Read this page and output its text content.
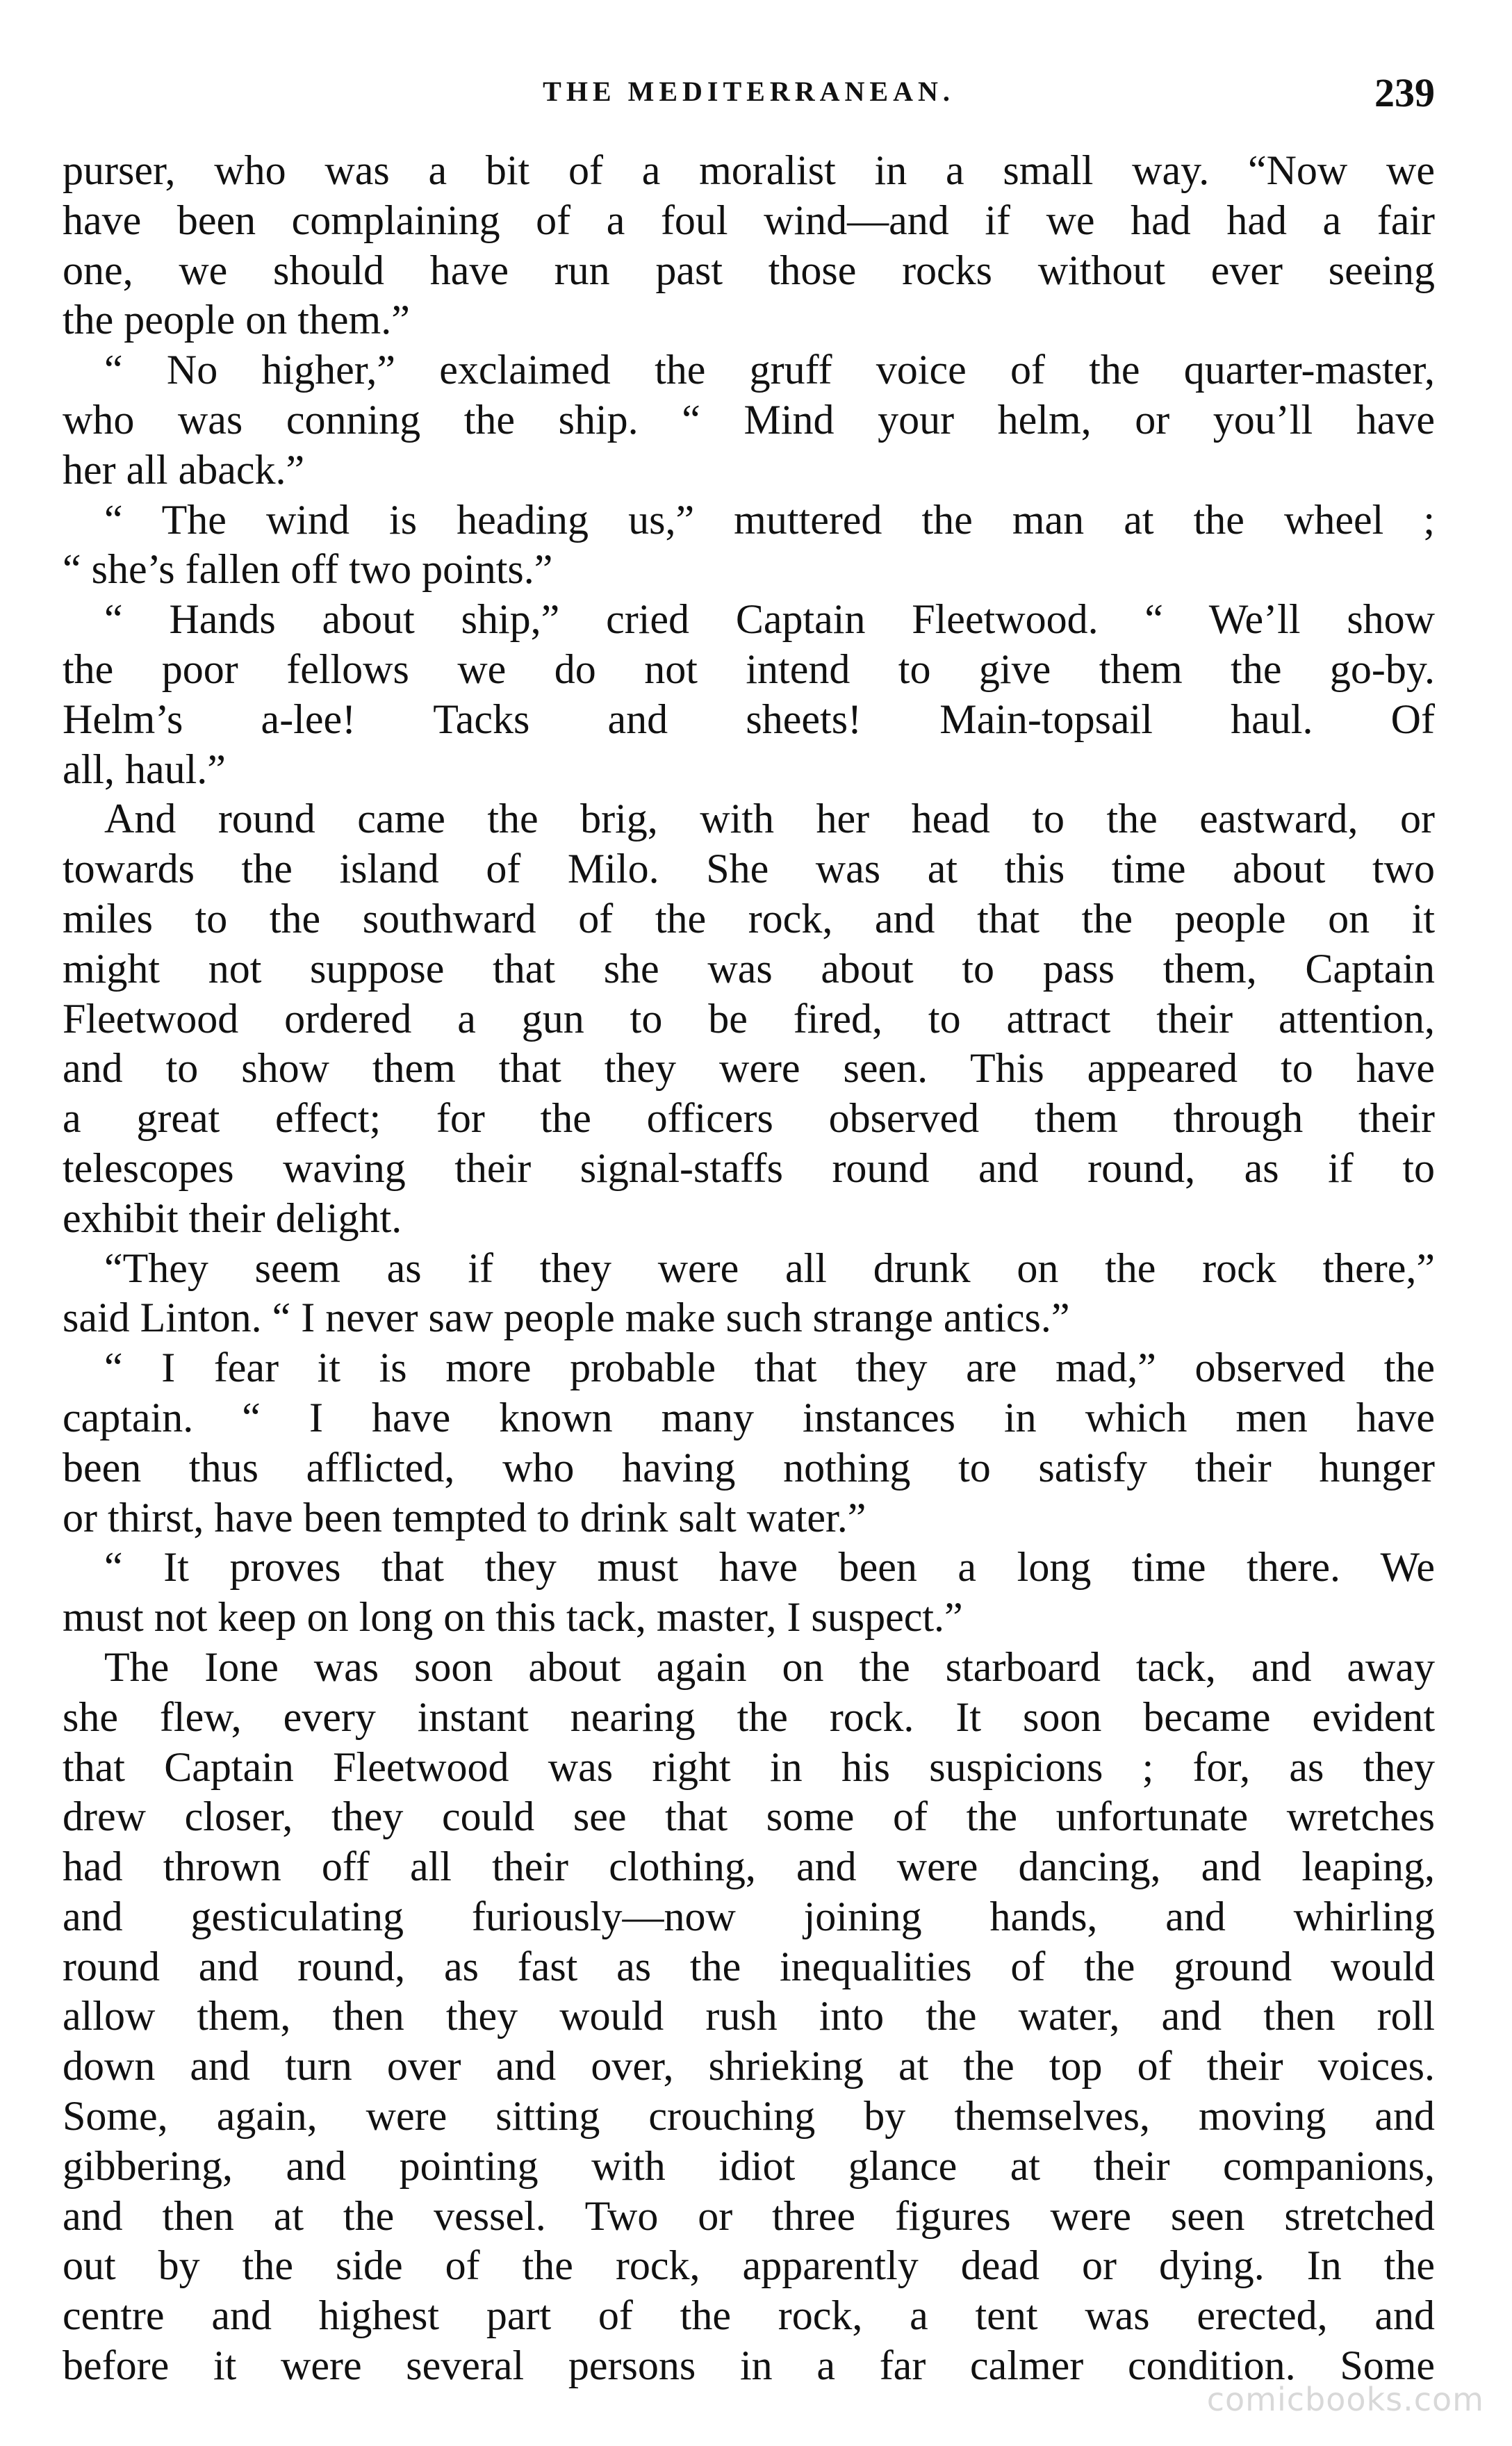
THE MEDITERRANEAN.	239
purser, who was a bit of a moralist in a small way. “Now we
have been complaining of a foul wind—and if we had had a fair
one, we should have run past those rocks without ever seeing
the people on them.”
“ No higher,” exclaimed the gruff voice of the quarter-master,
who was conning the ship. “ Mind your helm, or you’ll have
her all aback.”
“ The wind is heading us,” muttered the man at the wheel ;
“ she’s fallen off two points.”
“ Hands about ship,” cried Captain Fleetwood. “ We’ll show
the poor fellows we do not intend to give them the go-by.
Helm’s a-lee! Tacks and sheets! Main-topsail haul. Of
all, haul.”
And round came the brig, with her head to the eastward, or
towards the island of Milo. She was at this time about two
miles to the southward of the rock, and that the people on it
might not suppose that she was about to pass them, Captain
Fleetwood ordered a gun to be fired, to attract their attention,
and to show them that they were seen. This appeared to have
a great effect; for the officers observed them through their
telescopes waving their signal-staffs round and round, as if to
exhibit their delight.
“They seem as if they were all drunk on the rock there,”
said Linton. “ I never saw people make such strange antics.”
“ I fear it is more probable that they are mad,” observed the
captain. “ I have known many instances in which men have
been thus afflicted, who having nothing to satisfy their hunger
or thirst, have been tempted to drink salt water.”
“ It proves that they must have been a long time there. We
must not keep on long on this tack, master, I suspect.”
The Ione was soon about again on the starboard tack, and away
she flew, every instant nearing the rock. It soon became evident
that Captain Fleetwood was right in his suspicions ; for, as they
drew closer, they could see that some of the unfortunate wretches
had thrown off all their clothing, and were dancing, and leaping,
and gesticulating furiously—now joining hands, and whirling
round and round, as fast as the inequalities of the ground would
allow them, then they would rush into the water, and then roll
down and turn over and over, shrieking at the top of their voices.
Some, again, were sitting crouching by themselves, moving and
gibbering, and pointing with idiot glance at their companions,
and then at the vessel. Two or three figures were seen stretched
out by the side of the rock, apparently dead or dying. In the
centre and highest part of the rock, a tent was erected, and
before it were several persons in a far calmer condition. Some
comicbooks.com
